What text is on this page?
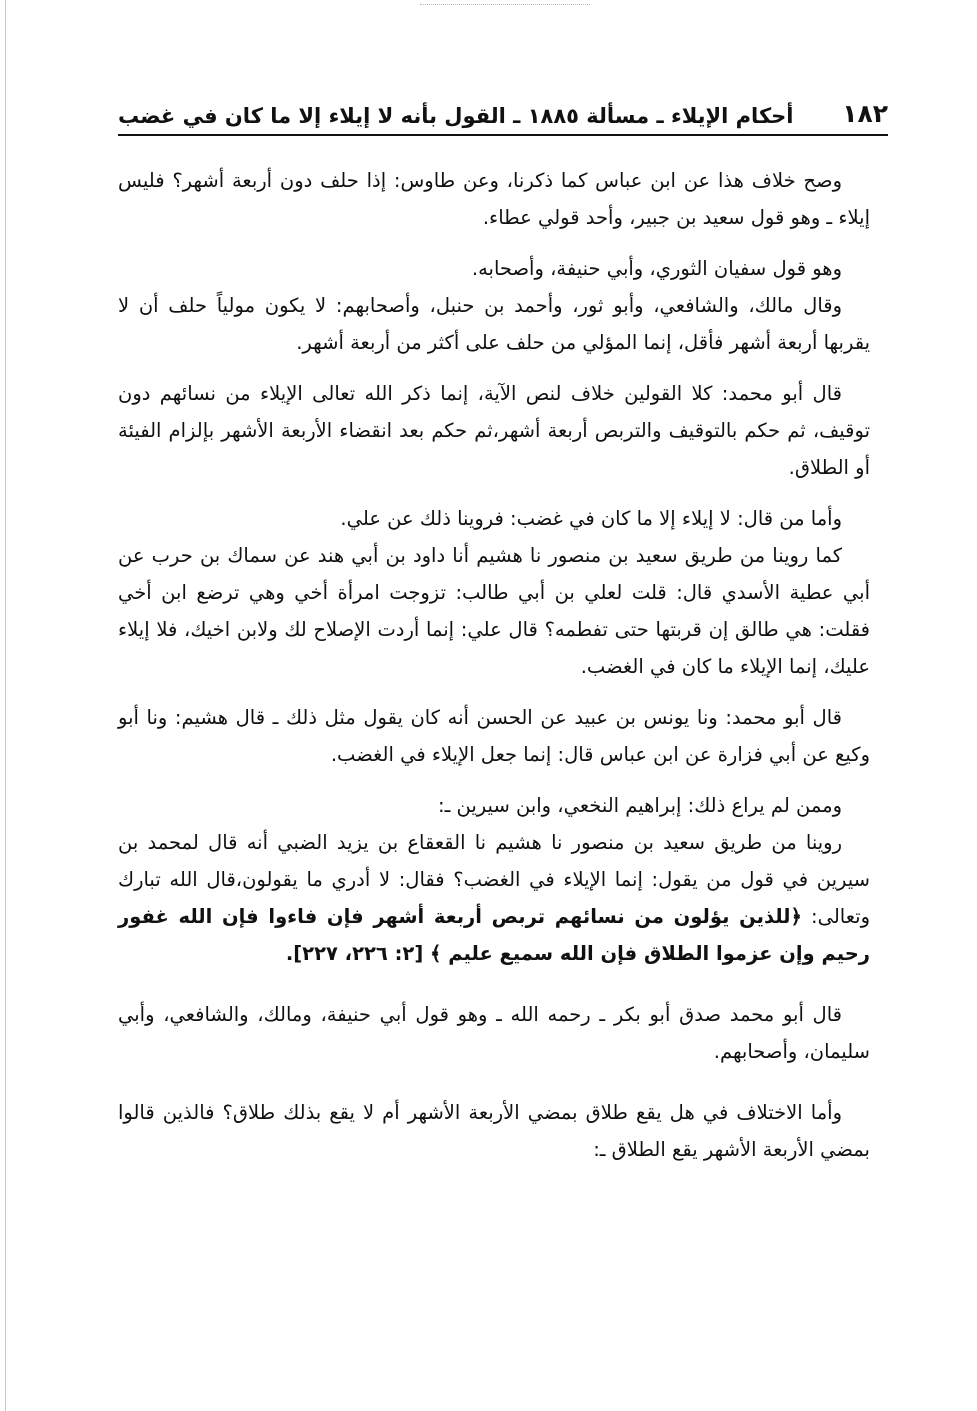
١٨٢
أحكام الإيلاء ـ مسألة ١٨٨٥ ـ القول بأنه لا إيلاء إلا ما كان في غضب

وصح خلاف هذا عن ابن عباس كما ذكرنا، وعن طاوس: إذا حلف دون أربعة أشهر؟ فليس إيلاء ـ وهو قول سعيد بن جبير، وأحد قولي عطاء.

وهو قول سفيان الثوري، وأبي حنيفة، وأصحابه.

وقال مالك، والشافعي، وأبو ثور، وأحمد بن حنبل، وأصحابهم: لا يكون مولياً حلف أن لا يقربها أربعة أشهر فأقل، إنما المؤلي من حلف على أكثر من أربعة أشهر.

قال أبو محمد: كلا القولين خلاف لنص الآية، إنما ذكر الله تعالى الإيلاء من نسائهم دون توقيف، ثم حكم بالتوقيف والتربص أربعة أشهر،ثم حكم بعد انقضاء الأربعة الأشهر بإلزام الفيئة أو الطلاق.

وأما من قال: لا إيلاء إلا ما كان في غضب: فروينا ذلك عن علي.

كما روينا من طريق سعيد بن منصور نا هشيم أنا داود بن أبي هند عن سماك بن حرب عن أبي عطية الأسدي قال: قلت لعلي بن أبي طالب: تزوجت امرأة أخي وهي ترضع ابن أخي فقلت: هي طالق إن قربتها حتى تفطمه؟ قال علي: إنما أردت الإصلاح لك ولابن اخيك، فلا إيلاء عليك، إنما الإيلاء ما كان في الغضب.

قال أبو محمد: ونا يونس بن عبيد عن الحسن أنه كان يقول مثل ذلك ـ قال هشيم: ونا أبو وكيع عن أبي فزارة عن ابن عباس قال: إنما جعل الإيلاء في الغضب.

وممن لم يراع ذلك: إبراهيم النخعي، وابن سيرين ـ:

روينا من طريق سعيد بن منصور نا هشيم نا القعقاع بن يزيد الضبي أنه قال لمحمد بن سيرين في قول من يقول: إنما الإيلاء في الغضب؟ فقال: لا أدري ما يقولون،قال الله تبارك وتعالى: ﴿للذين يؤلون من نسائهم تربص أربعة أشهر فإن فاءوا فإن الله غفور رحيم وإن عزموا الطلاق فإن الله سميع عليم ﴾ [٢: ٢٢٦، ٢٢٧].

قال أبو محمد صدق أبو بكر ـ رحمه الله ـ وهو قول أبي حنيفة، ومالك، والشافعي، وأبي سليمان، وأصحابهم.

وأما الاختلاف في هل يقع طلاق بمضي الأربعة الأشهر أم لا يقع بذلك طلاق؟ فالذين قالوا بمضي الأربعة الأشهر يقع الطلاق ـ:
